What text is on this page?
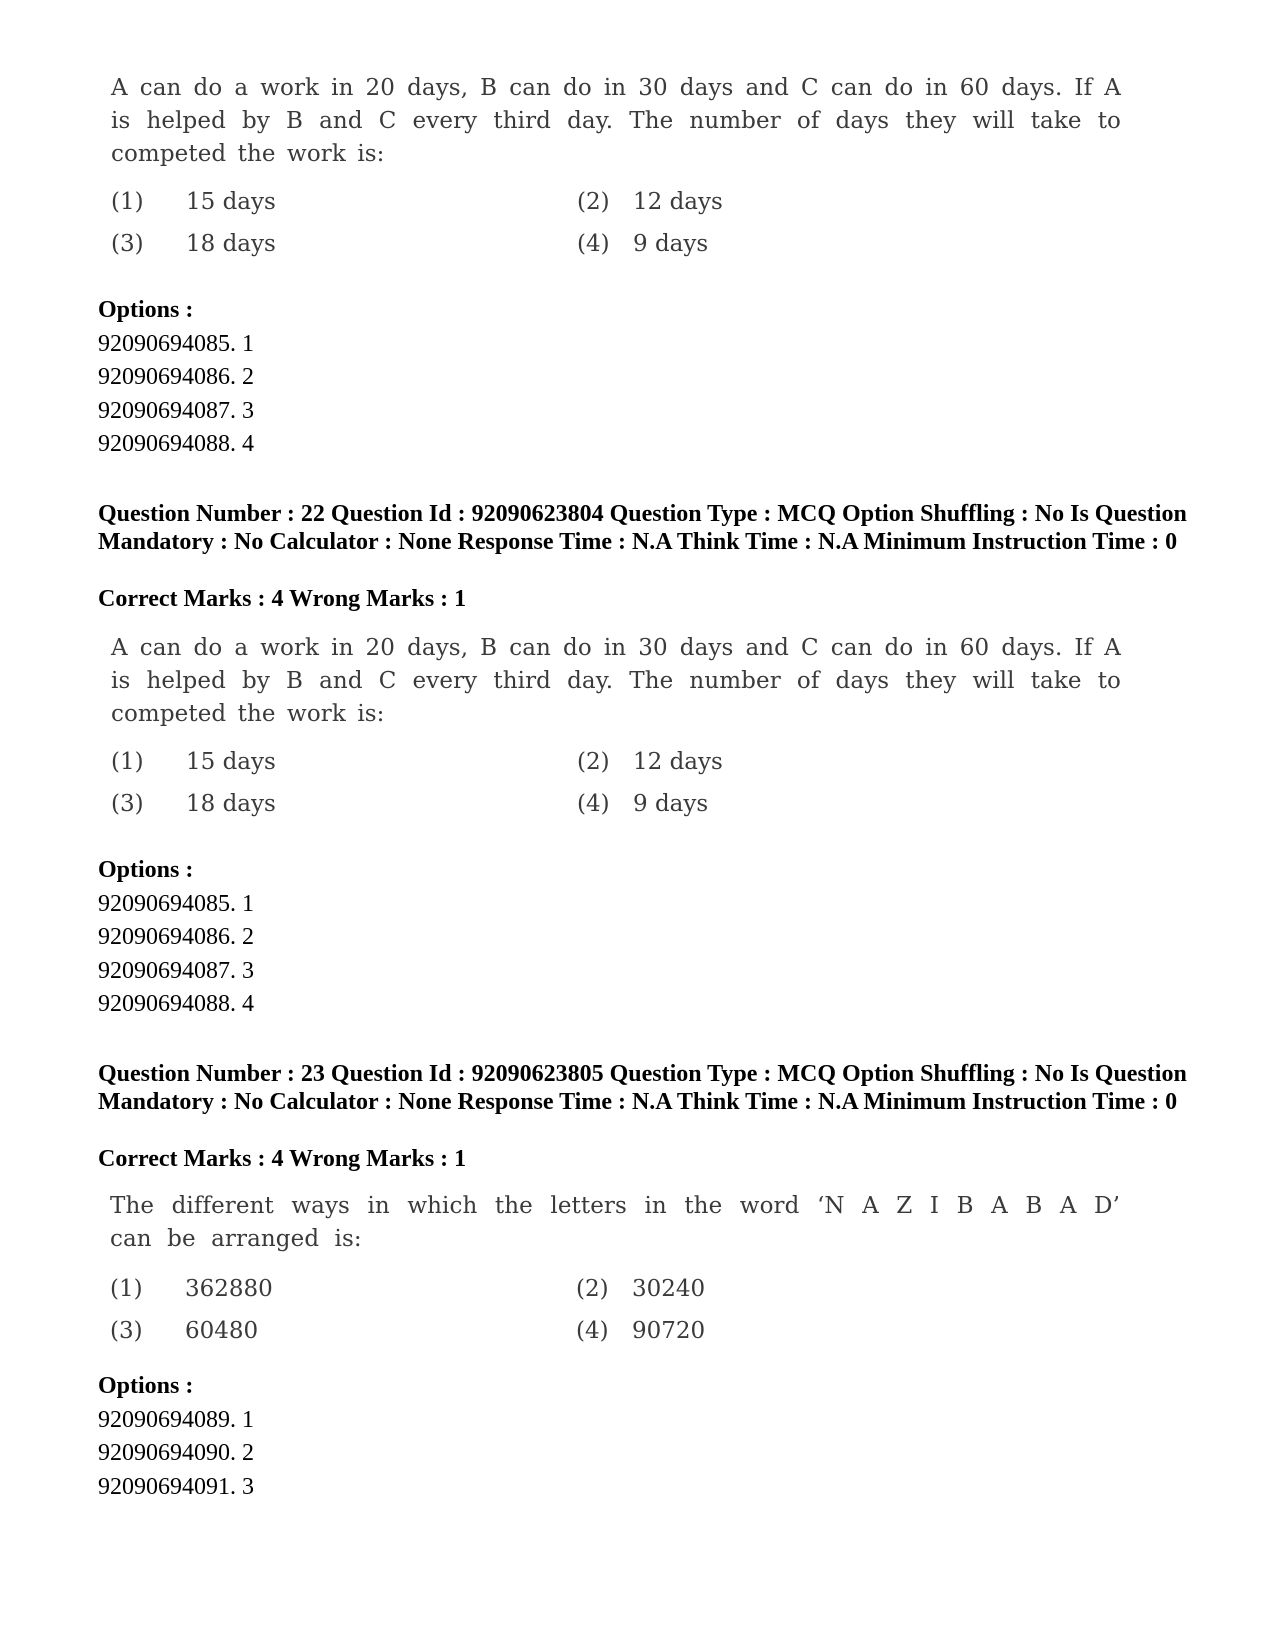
A can do a work in 20 days, B can do in 30 days and C can do in 60 days. If A is helped by B and C every third day. The number of days they will take to competed the work is:

(1)	15 days	(2)	12 days
(3)	18 days	(4)	9 days
Options :
92090694085. 1
92090694086. 2
92090694087. 3
92090694088. 4
Question Number : 22 Question Id : 92090623804 Question Type : MCQ Option Shuffling : No Is Question Mandatory : No Calculator : None Response Time : N.A Think Time : N.A Minimum Instruction Time : 0
Correct Marks : 4 Wrong Marks : 1

A can do a work in 20 days, B can do in 30 days and C can do in 60 days. If A is helped by B and C every third day. The number of days they will take to competed the work is:

(1)	15 days	(2)	12 days
(3)	18 days	(4)	9 days
Options :
92090694085. 1
92090694086. 2
92090694087. 3
92090694088. 4
Question Number : 23 Question Id : 92090623805 Question Type : MCQ Option Shuffling : No Is Question Mandatory : No Calculator : None Response Time : N.A Think Time : N.A Minimum Instruction Time : 0
Correct Marks : 4 Wrong Marks : 1

The different ways in which the letters in the word ‘N A Z I B A B A D’ can be arranged is:

(1)	362880	(2)	30240
(3)	60480	(4)	90720
Options :
92090694089. 1
92090694090. 2
92090694091. 3
